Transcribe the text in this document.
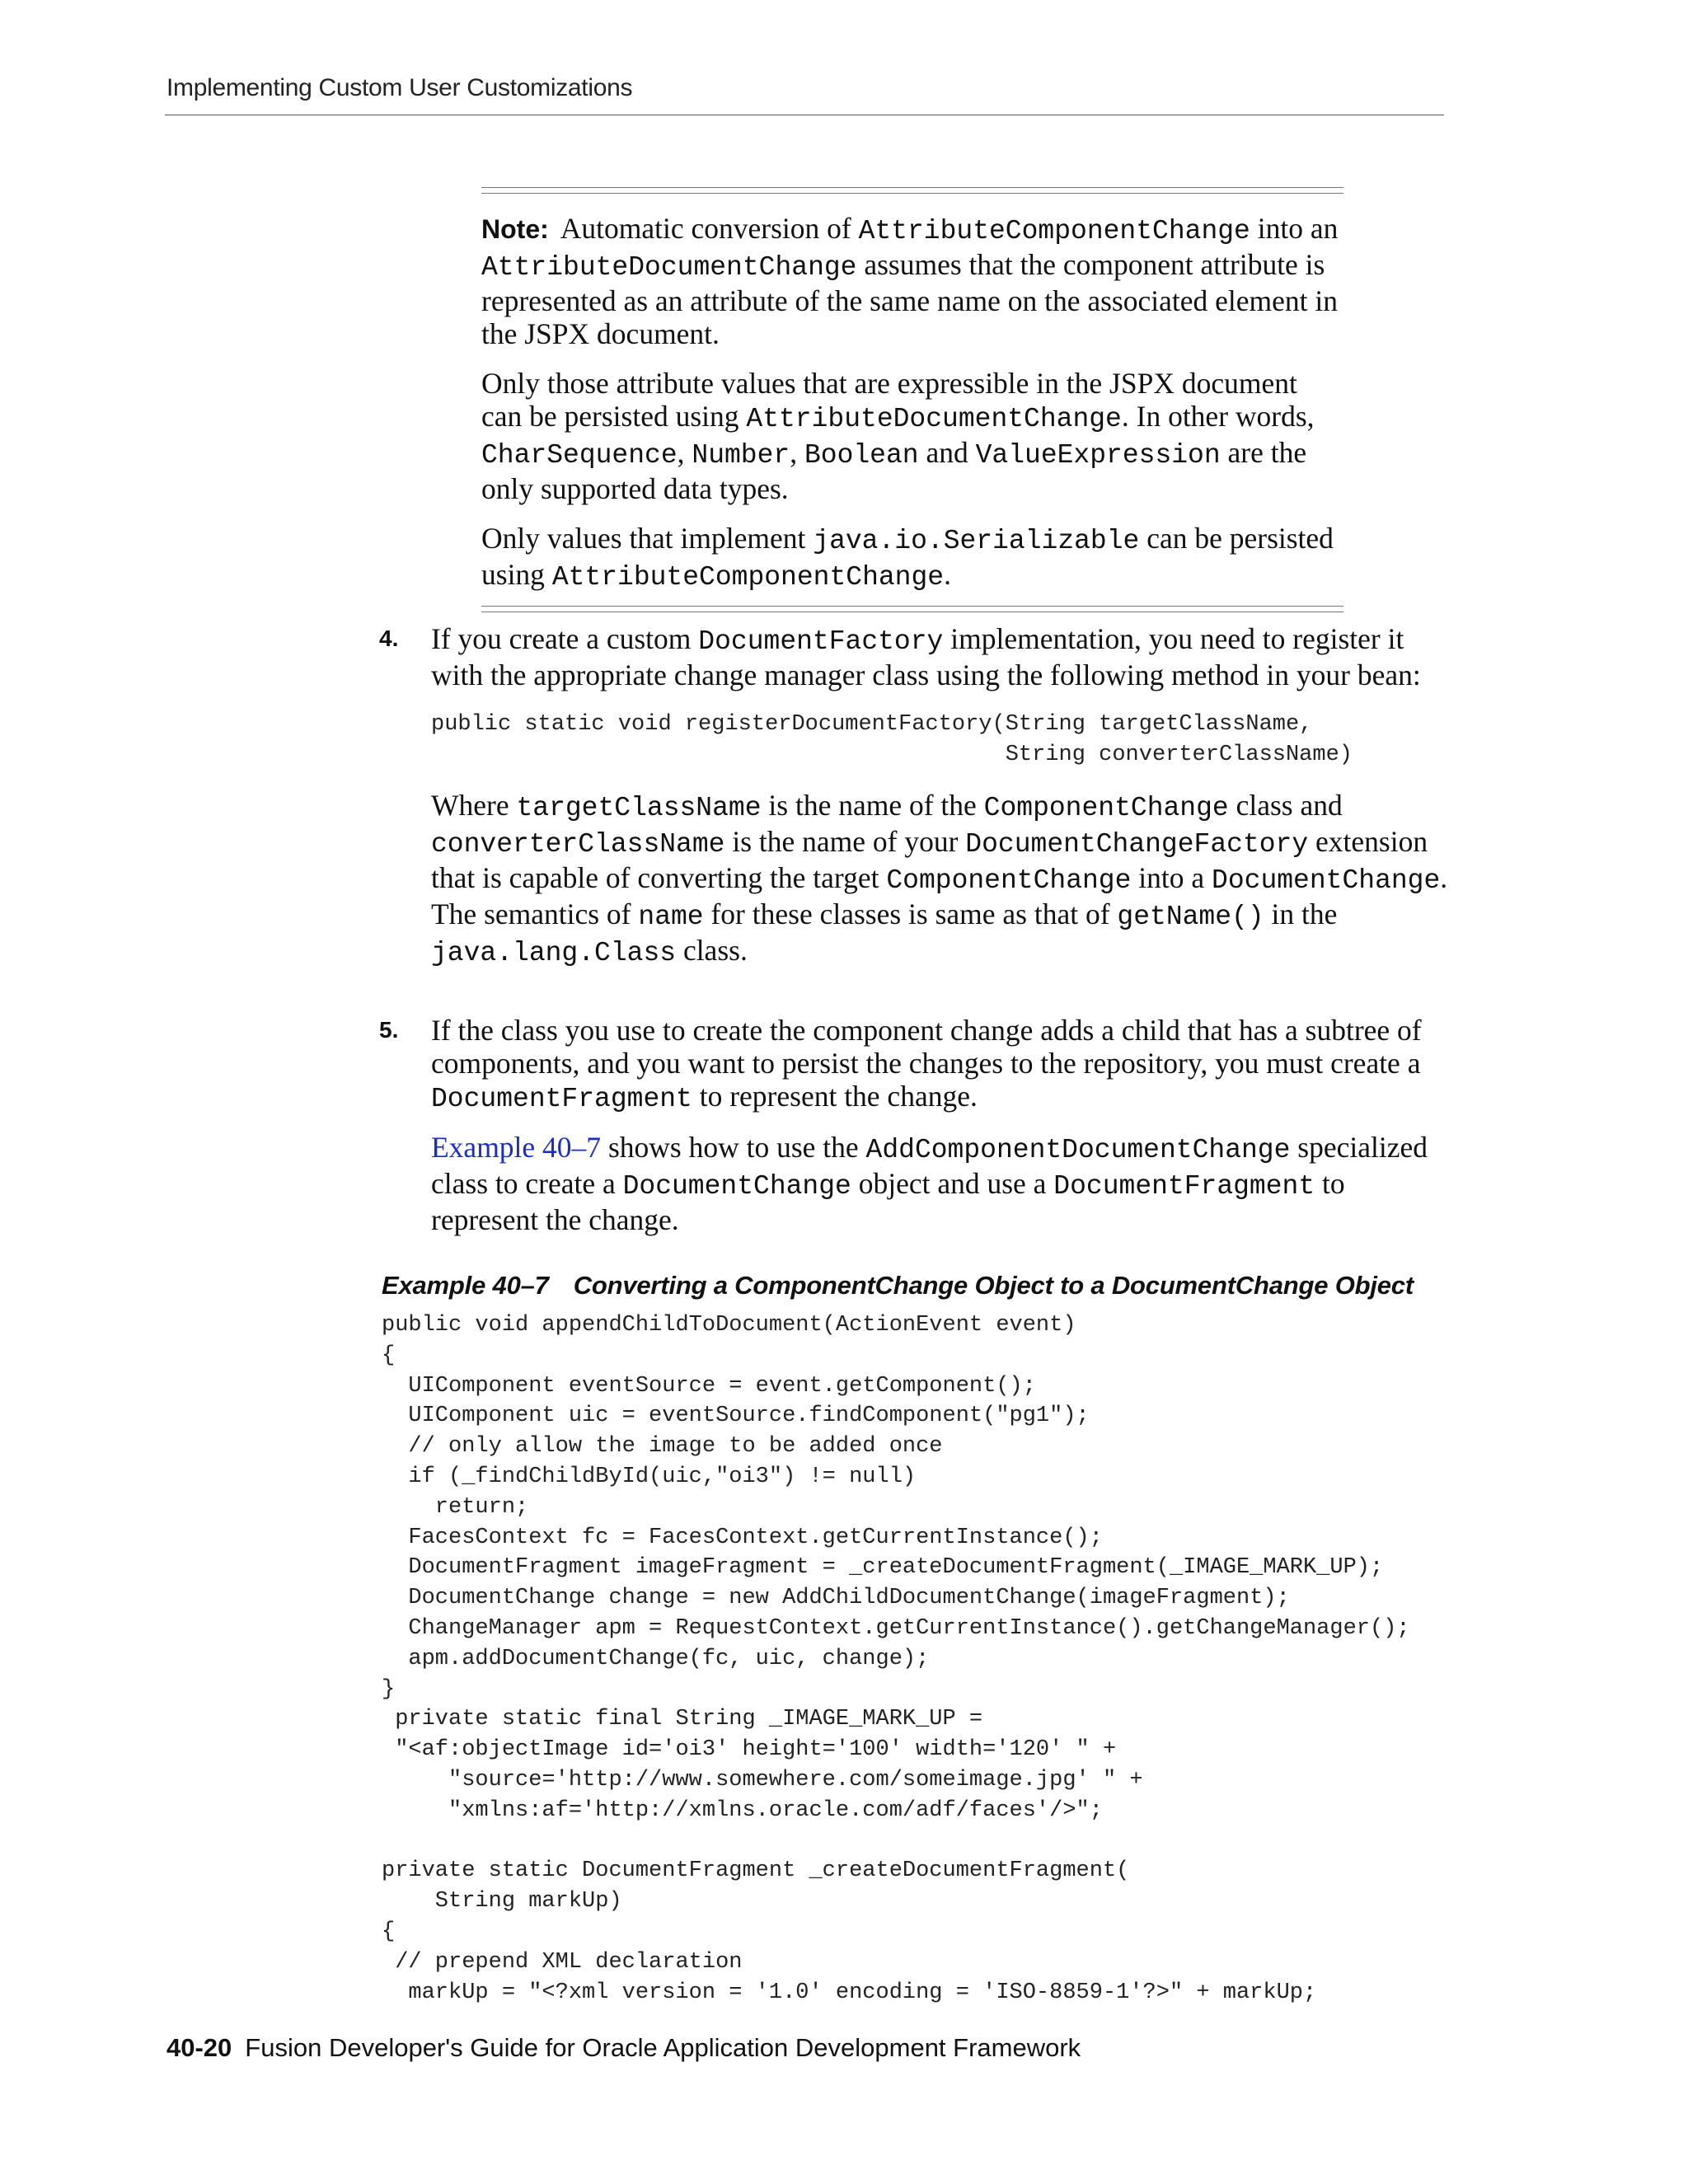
Implementing Custom User Customizations

Note: Automatic conversion of AttributeComponentChange into an AttributeDocumentChange assumes that the component attribute is represented as an attribute of the same name on the associated element in the JSPX document.

Only those attribute values that are expressible in the JSPX document can be persisted using AttributeDocumentChange. In other words, CharSequence, Number, Boolean and ValueExpression are the only supported data types.

Only values that implement java.io.Serializable can be persisted using AttributeComponentChange.

4. If you create a custom DocumentFactory implementation, you need to register it with the appropriate change manager class using the following method in your bean:

public static void registerDocumentFactory(String targetClassName,
String converterClassName)

Where targetClassName is the name of the ComponentChange class and converterClassName is the name of your DocumentChangeFactory extension that is capable of converting the target ComponentChange into a DocumentChange. The semantics of name for these classes is same as that of getName() in the java.lang.Class class.

5. If the class you use to create the component change adds a child that has a subtree of components, and you want to persist the changes to the repository, you must create a DocumentFragment to represent the change.

Example 40–7 shows how to use the AddComponentDocumentChange specialized class to create a DocumentChange object and use a DocumentFragment to represent the change.

Example 40–7 Converting a ComponentChange Object to a DocumentChange Object
public void appendChildToDocument(ActionEvent event)
{
UIComponent eventSource = event.getComponent();
UIComponent uic = eventSource.findComponent("pg1");
// only allow the image to be added once
if (_findChildById(uic,"oi3") != null)
return;
FacesContext fc = FacesContext.getCurrentInstance();
DocumentFragment imageFragment = _createDocumentFragment(_IMAGE_MARK_UP);
DocumentChange change = new AddChildDocumentChange(imageFragment);
ChangeManager apm = RequestContext.getCurrentInstance().getChangeManager();
apm.addDocumentChange(fc, uic, change);
}
private static final String _IMAGE_MARK_UP =
"<af:objectImage id='oi3' height='100' width='120' " +
"source='http://www.somewhere.com/someimage.jpg' " +
"xmlns:af='http://xmlns.oracle.com/adf/faces'/>";

private static DocumentFragment _createDocumentFragment(
String markUp)
{
// prepend XML declaration
markUp = "<?xml version = '1.0' encoding = 'ISO-8859-1'?>" + markUp;
40-20 Fusion Developer's Guide for Oracle Application Development Framework
